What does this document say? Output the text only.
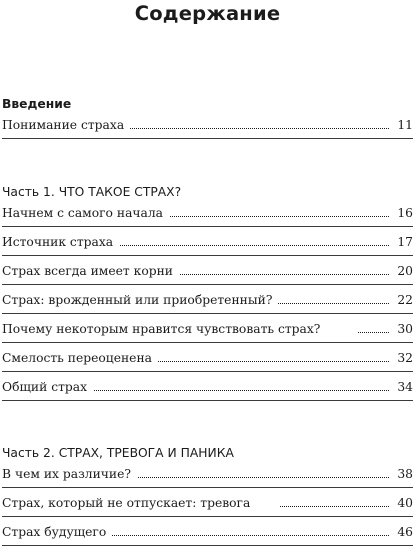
Содержание
Введение
Понимание страха	11
Часть 1. ЧТО ТАКОЕ СТРАХ?
Начнем с самого начала	16
Источник страха	17
Страх всегда имеет корни	20
Страх: врожденный или приобретенный?	22
Почему некоторым нравится чувствовать страх?	30
Смелость переоценена	32
Общий страх	34
Часть 2. СТРАХ, ТРЕВОГА И ПАНИКА
В чем их различие?	38
Страх, который не отпускает: тревога	40
Страх будущего	46
